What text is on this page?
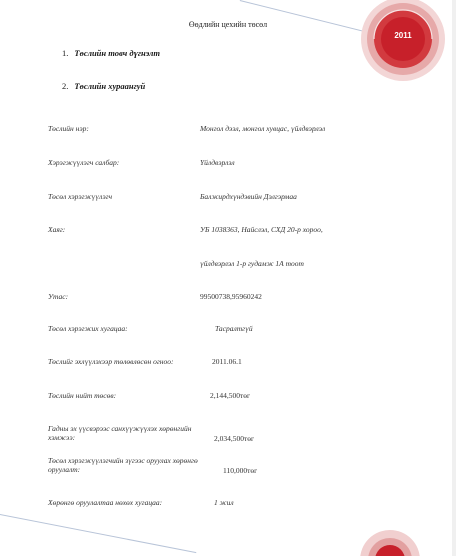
2011
Өөдлийн цехийн төсөл
1. Төслийн товч дүгнэлт
2. Төслийн хураангуй
Төслийн нэр:	Монгол дээл, монгол хувцас, үйлдвэрлэл
Хэрэгжүүлэгч салбар:	Үйлдвэрлэл
Төсөл хэрэгжүүлэгч	Балжирдхүндэвийн Дэлгэрмаа
Хаяг:	УБ 1038363, Найслэл, СХД 20-р хороо,
үйлдвэрлэл 1-р гудамж 1А тоот
Утас:	99500738,95960242
Төсөл хэрэгжих хугацаа:	Тасралтгүй
Төслийг эхлүүлэхээр төлөвлөсөн огноо:	2011.06.1
Төслийн нийт төсөв:	2,144,500төг
Гадны эх үүсвэрээс санхүүжүүлэх хөрөнгийн хэмжээ:	2,034,500төг
Төсөл хэрэгжүүлэгчийн зүгээс оруулах хөрөнгө оруулалт:	110,000төг
Хөрөнгө оруулалтаа нөхөх хугацаа:	1 жил
